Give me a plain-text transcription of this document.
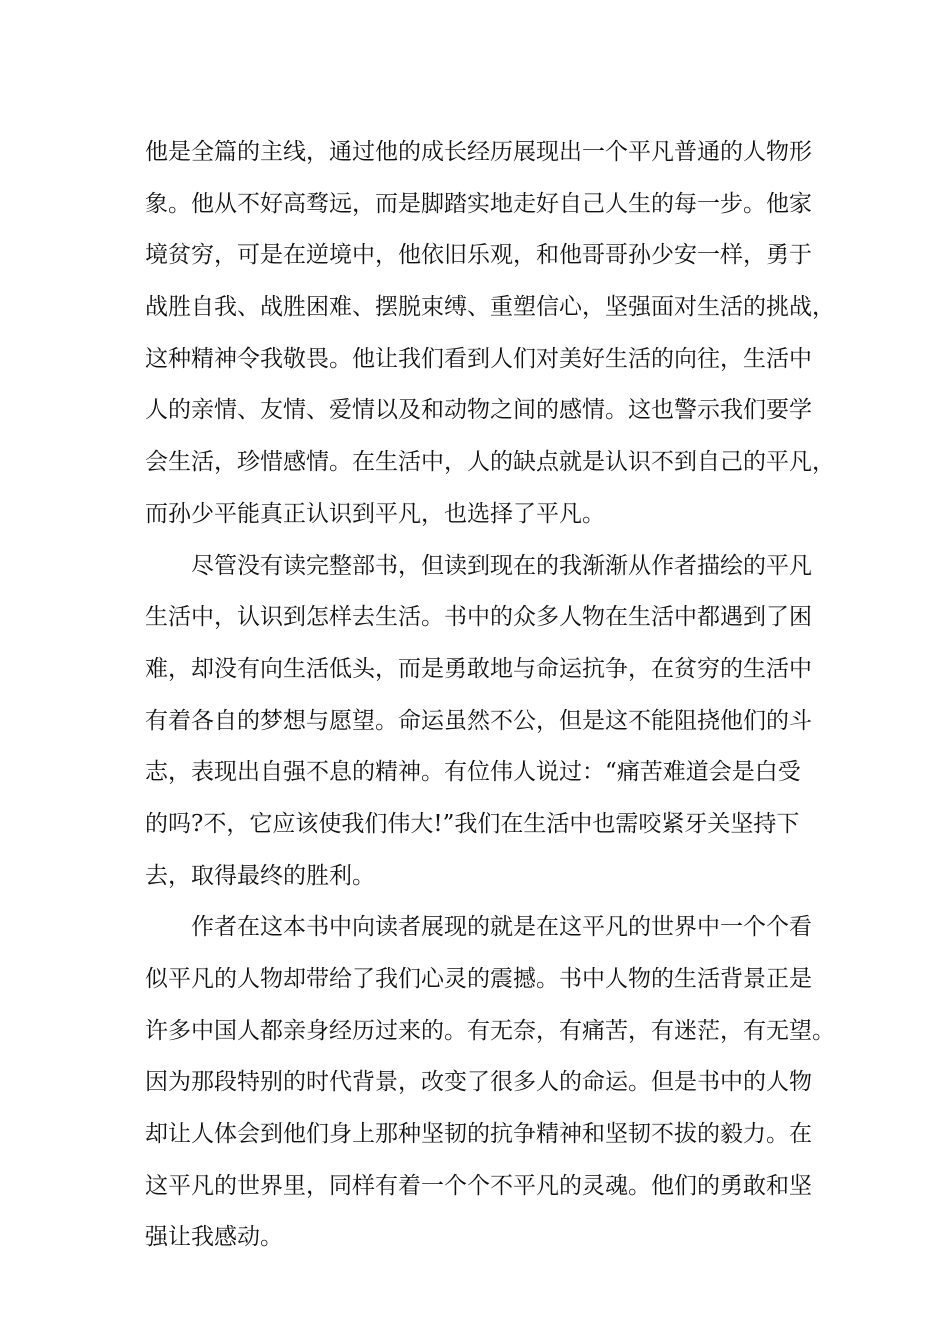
他是全篇的主线，通过他的成长经历展现出一个平凡普通的人物形
象。他从不好高骛远，而是脚踏实地走好自己人生的每一步。他家
境贫穷，可是在逆境中，他依旧乐观，和他哥哥孙少安一样，勇于
战胜自我、战胜困难、摆脱束缚、重塑信心，坚强面对生活的挑战，
这种精神令我敬畏。他让我们看到人们对美好生活的向往，生活中
人的亲情、友情、爱情以及和动物之间的感情。这也警示我们要学
会生活，珍惜感情。在生活中，人的缺点就是认识不到自己的平凡，
而孙少平能真正认识到平凡，也选择了平凡。
　　尽管没有读完整部书，但读到现在的我渐渐从作者描绘的平凡
生活中，认识到怎样去生活。书中的众多人物在生活中都遇到了困
难，却没有向生活低头，而是勇敢地与命运抗争，在贫穷的生活中
有着各自的梦想与愿望。命运虽然不公，但是这不能阻挠他们的斗
志，表现出自强不息的精神。有位伟人说过：“痛苦难道会是白受
的吗?不，它应该使我们伟大!”我们在生活中也需咬紧牙关坚持下
去，取得最终的胜利。
　　作者在这本书中向读者展现的就是在这平凡的世界中一个个看
似平凡的人物却带给了我们心灵的震撼。书中人物的生活背景正是
许多中国人都亲身经历过来的。有无奈，有痛苦，有迷茫，有无望。
因为那段特别的时代背景，改变了很多人的命运。但是书中的人物
却让人体会到他们身上那种坚韧的抗争精神和坚韧不拔的毅力。在
这平凡的世界里，同样有着一个个不平凡的灵魂。他们的勇敢和坚
强让我感动。
